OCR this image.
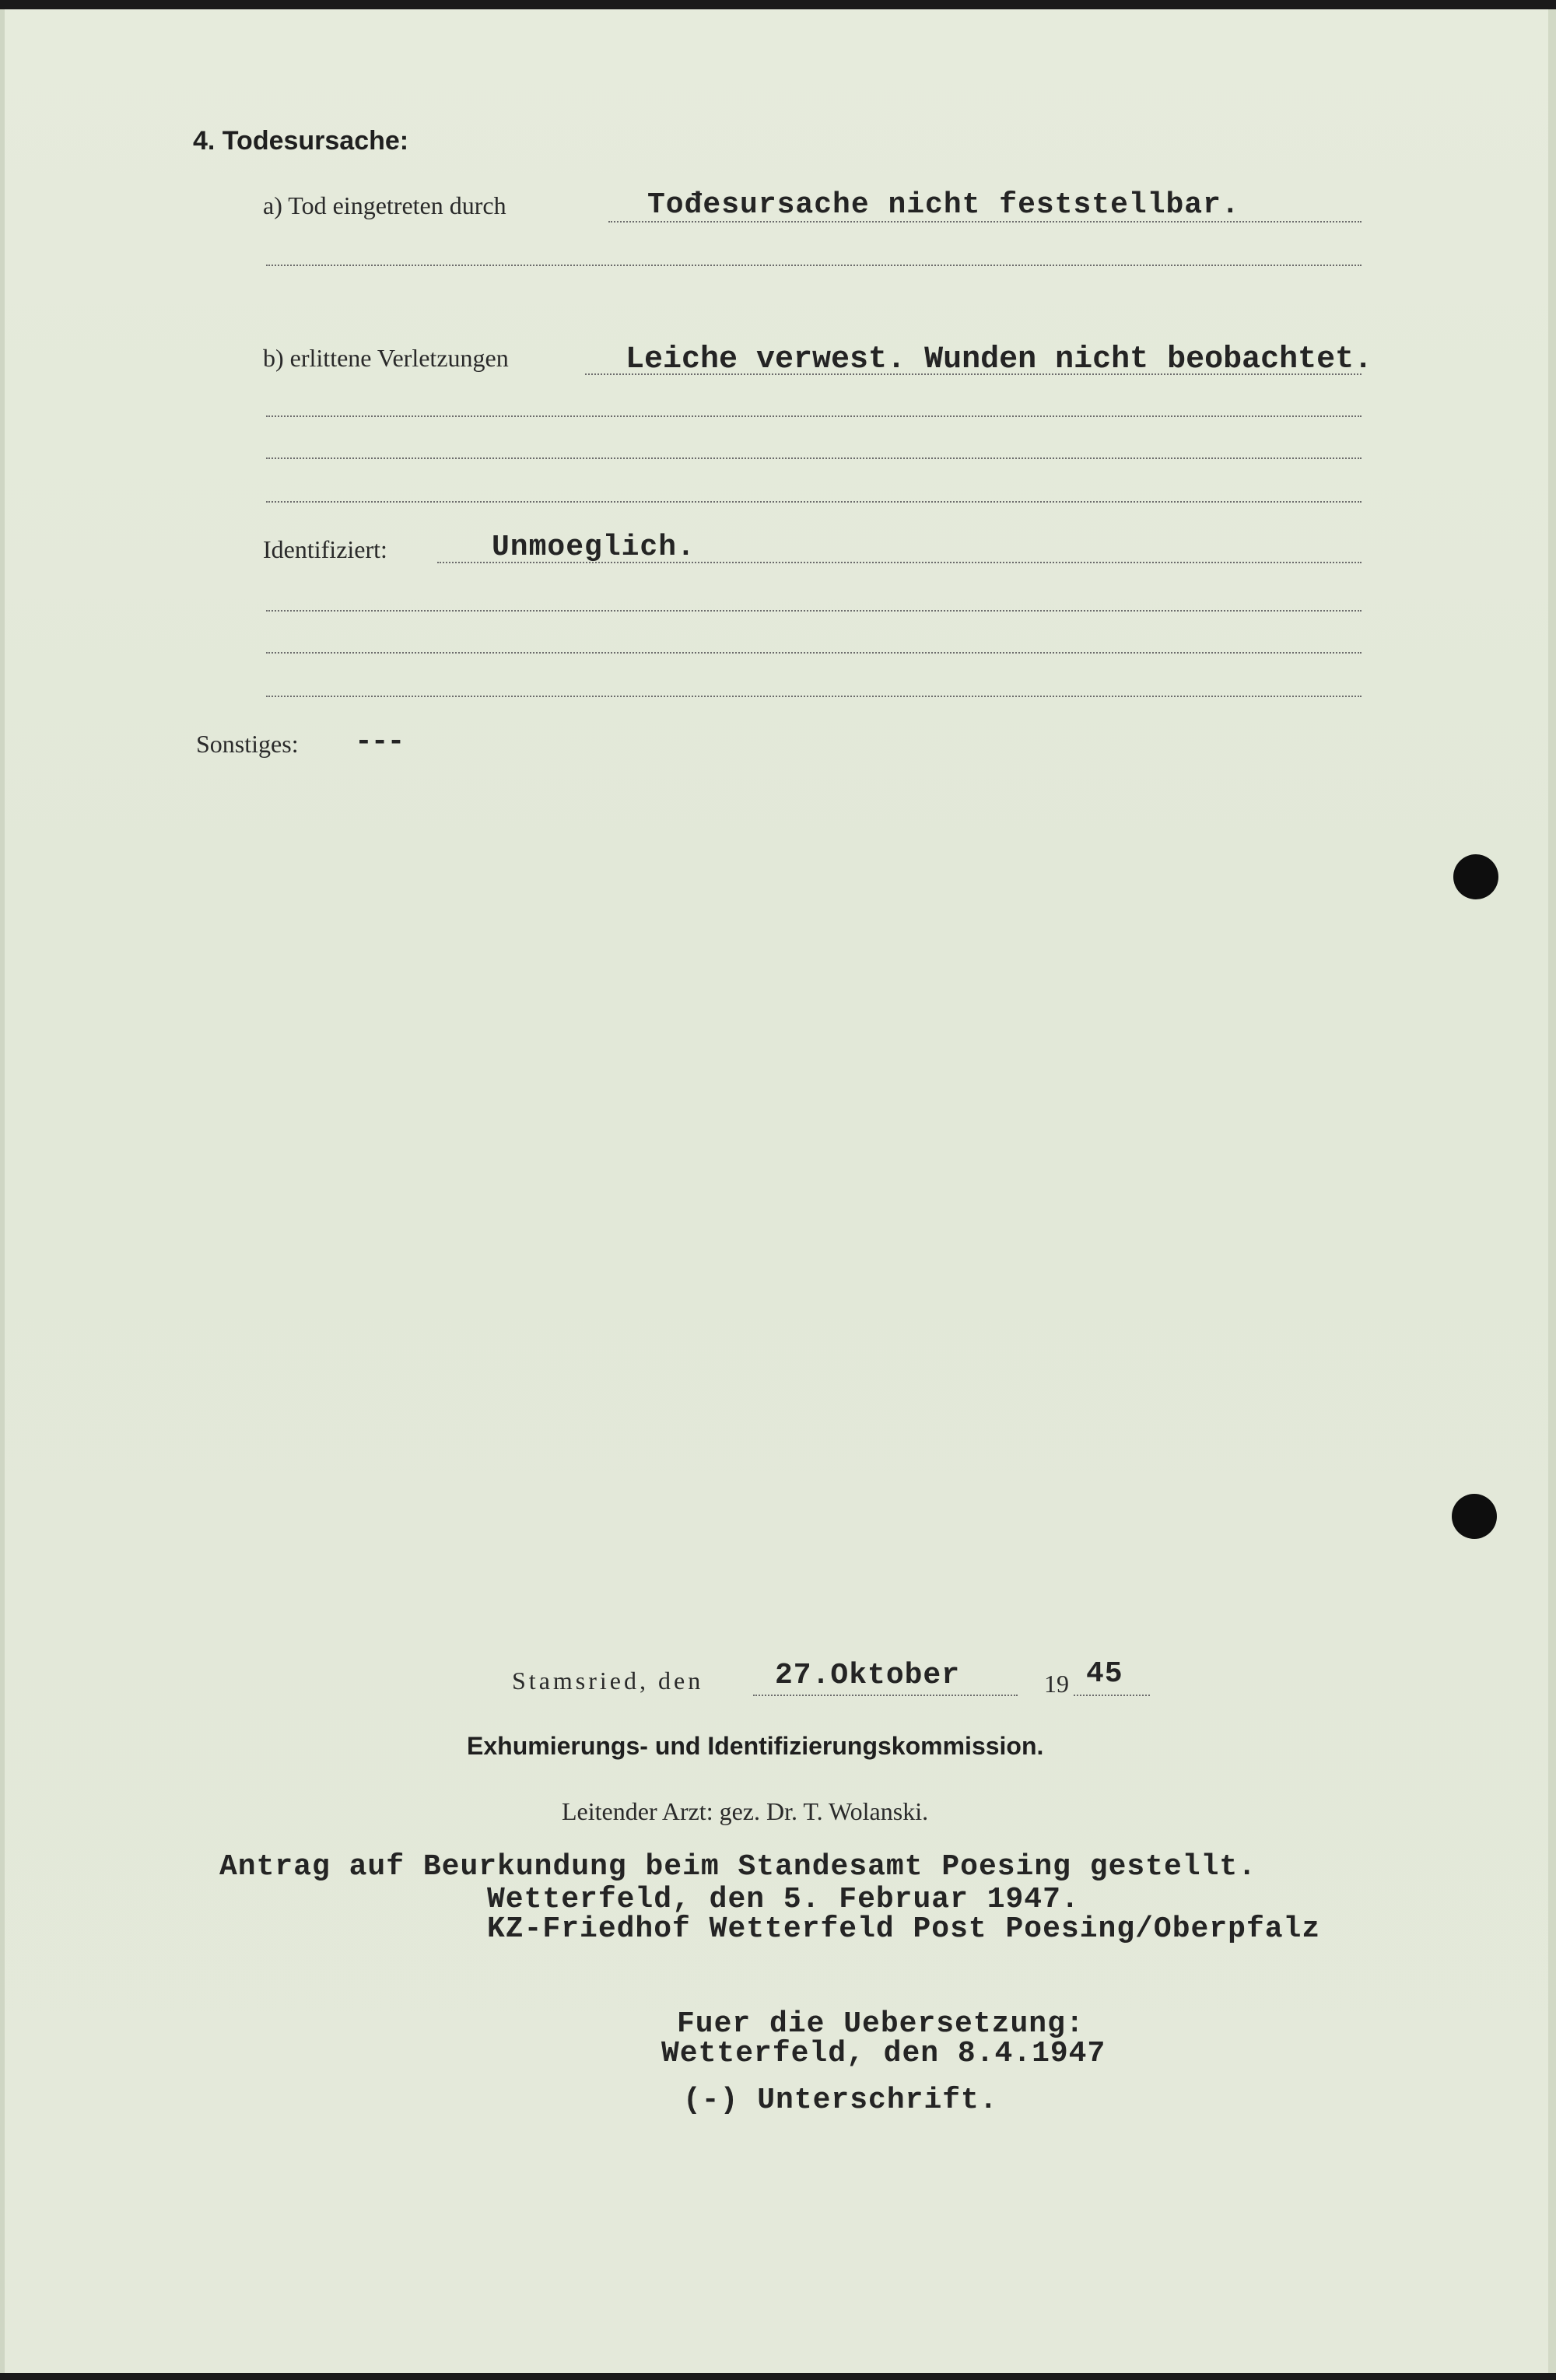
4. Todesursache:
a) Tod eingetreten durch	Tođesursache nicht feststellbar.
b) erlittene Verletzungen	Leiche verwest. Wunden nicht beobachtet.
Identifiziert:	Unmoeglich.
Sonstiges: ---
Stamsried, den 27.Oktober	19 45
Exhumierungs- und Identifizierungskommission.
Leitender Arzt: gez. Dr. T. Wolanski.
Antrag auf Beurkundung beim Standesamt Poesing gestellt.
Wetterfeld, den 5. Februar 1947.
KZ-Friedhof Wetterfeld Post Poesing/Oberpfalz
Fuer die Uebersetzung:
Wetterfeld, den 8.4.1947
(-) Unterschrift.
